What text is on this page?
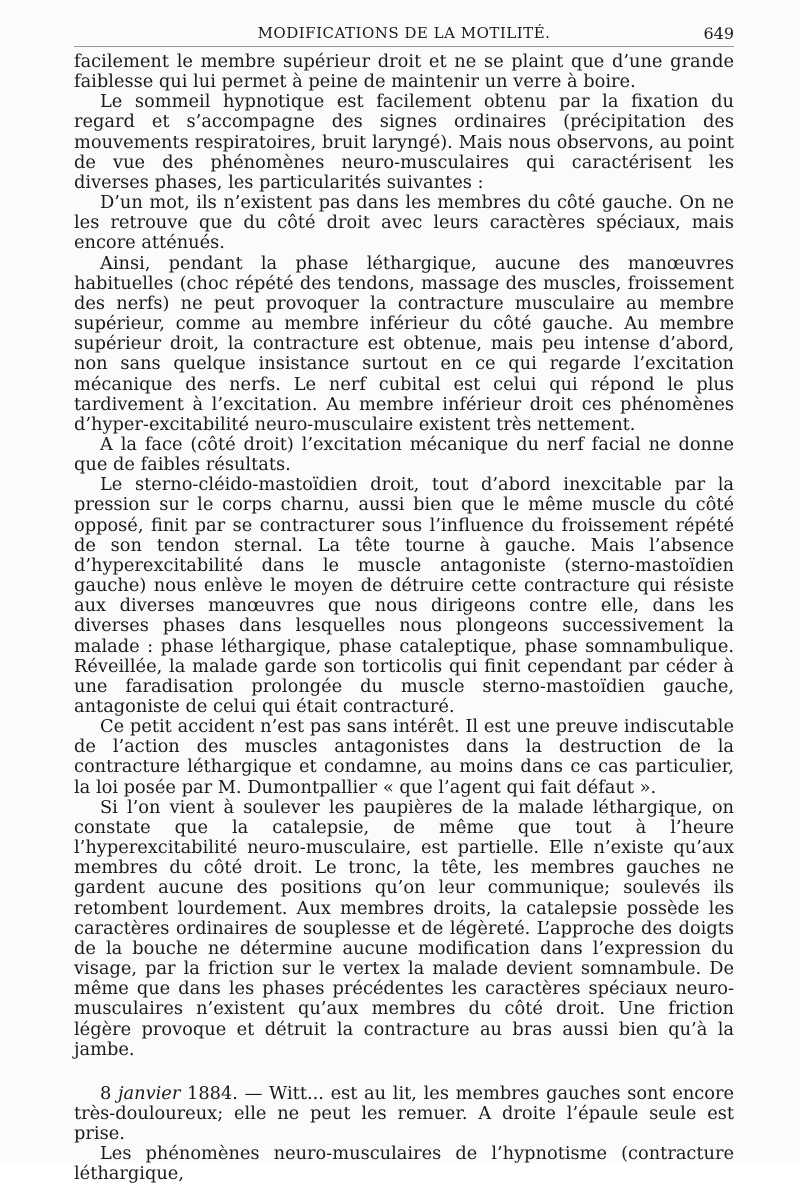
MODIFICATIONS DE LA MOTILITÉ.	649

facilement le membre supérieur droit et ne se plaint que d’une grande faiblesse qui lui permet à peine de maintenir un verre à boire.

Le sommeil hypnotique est facilement obtenu par la fixation du regard et s’accompagne des signes ordinaires (précipitation des mouvements respiratoires, bruit laryngé). Mais nous observons, au point de vue des phénomènes neuro-musculaires qui caractérisent les diverses phases, les particularités suivantes :

D’un mot, ils n’existent pas dans les membres du côté gauche. On ne les retrouve que du côté droit avec leurs caractères spéciaux, mais encore atténués.

Ainsi, pendant la phase léthargique, aucune des manœuvres habituelles (choc répété des tendons, massage des muscles, froissement des nerfs) ne peut provoquer la contracture musculaire au membre supérieur, comme au membre inférieur du côté gauche. Au membre supérieur droit, la contracture est obtenue, mais peu intense d’abord, non sans quelque insistance surtout en ce qui regarde l’excitation mécanique des nerfs. Le nerf cubital est celui qui répond le plus tardivement à l’excitation. Au membre inférieur droit ces phénomènes d’hyper-excitabilité neuro-musculaire existent très nettement.

A la face (côté droit) l’excitation mécanique du nerf facial ne donne que de faibles résultats.

Le sterno-cléido-mastoïdien droit, tout d’abord inexcitable par la pression sur le corps charnu, aussi bien que le même muscle du côté opposé, finit par se contracturer sous l’influence du froissement répété de son tendon sternal. La tête tourne à gauche. Mais l’absence d’hyperexcitabilité dans le muscle antagoniste (sterno-mastoïdien gauche) nous enlève le moyen de détruire cette contracture qui résiste aux diverses manœuvres que nous dirigeons contre elle, dans les diverses phases dans lesquelles nous plongeons successivement la malade : phase léthargique, phase cataleptique, phase somnambulique. Réveillée, la malade garde son torticolis qui finit cependant par céder à une faradisation prolongée du muscle sterno-mastoïdien gauche, antagoniste de celui qui était contracturé.

Ce petit accident n’est pas sans intérêt. Il est une preuve indiscutable de l’action des muscles antagonistes dans la destruction de la contracture léthargique et condamne, au moins dans ce cas particulier, la loi posée par M. Dumontpallier « que l’agent qui fait défaut ».

Si l’on vient à soulever les paupières de la malade léthargique, on constate que la catalepsie, de même que tout à l’heure l’hyperexcitabilité neuro-musculaire, est partielle. Elle n’existe qu’aux membres du côté droit. Le tronc, la tête, les membres gauches ne gardent aucune des positions qu’on leur communique; soulevés ils retombent lourdement. Aux membres droits, la catalepsie possède les caractères ordinaires de souplesse et de légèreté. L’approche des doigts de la bouche ne détermine aucune modification dans l’expression du visage, par la friction sur le vertex la malade devient somnambule. De même que dans les phases précédentes les caractères spéciaux neuro-musculaires n’existent qu’aux membres du côté droit. Une friction légère provoque et détruit la contracture au bras aussi bien qu’à la jambe.

8 janvier 1884. — Witt... est au lit, les membres gauches sont encore très-douloureux; elle ne peut les remuer. A droite l’épaule seule est prise.

Les phénomènes neuro-musculaires de l’hypnotisme (contracture léthargique,
